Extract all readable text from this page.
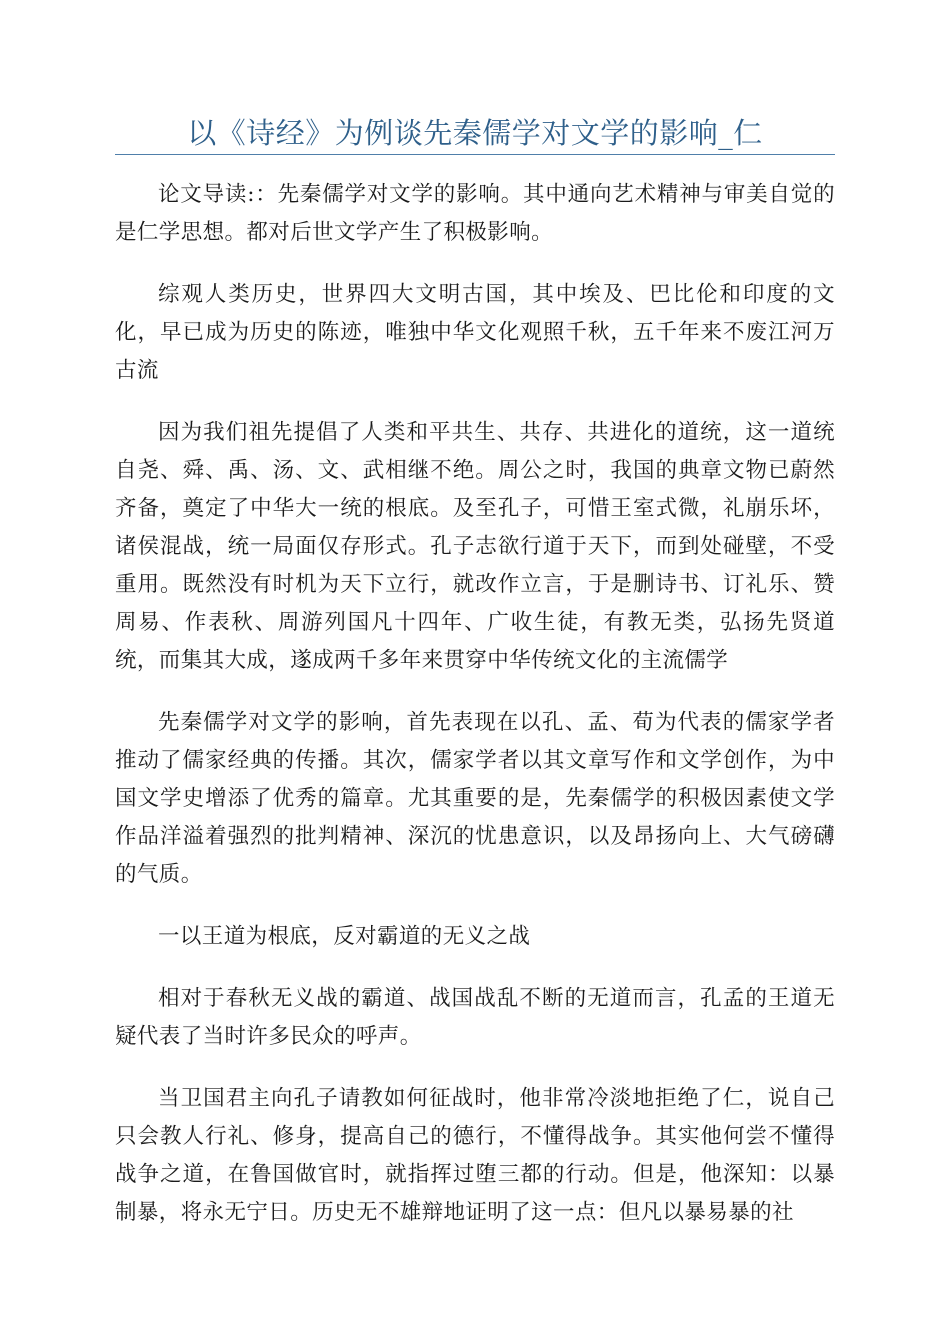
以《诗经》为例谈先秦儒学对文学的影响_仁

论文导读:：先秦儒学对文学的影响。其中通向艺术精神与审美自觉的是仁学思想。都对后世文学产生了积极影响。

综观人类历史，世界四大文明古国，其中埃及、巴比伦和印度的文化，早已成为历史的陈迹，唯独中华文化观照千秋，五千年来不废江河万古流

因为我们祖先提倡了人类和平共生、共存、共进化的道统，这一道统自尧、舜、禹、汤、文、武相继不绝。周公之时，我国的典章文物已蔚然齐备，奠定了中华大一统的根底。及至孔子，可惜王室式微，礼崩乐坏，诸侯混战，统一局面仅存形式。孔子志欲行道于天下，而到处碰壁，不受重用。既然没有时机为天下立行，就改作立言，于是删诗书、订礼乐、赞周易、作表秋、周游列国凡十四年、广收生徒，有教无类，弘扬先贤道统，而集其大成，遂成两千多年来贯穿中华传统文化的主流儒学

先秦儒学对文学的影响，首先表现在以孔、孟、荀为代表的儒家学者推动了儒家经典的传播。其次，儒家学者以其文章写作和文学创作，为中国文学史增添了优秀的篇章。尤其重要的是，先秦儒学的积极因素使文学作品洋溢着强烈的批判精神、深沉的忧患意识，以及昂扬向上、大气磅礴的气质。

一以王道为根底，反对霸道的无义之战

相对于春秋无义战的霸道、战国战乱不断的无道而言，孔孟的王道无疑代表了当时许多民众的呼声。

当卫国君主向孔子请教如何征战时，他非常冷淡地拒绝了仁，说自己只会教人行礼、修身，提高自己的德行，不懂得战争。其实他何尝不懂得战争之道，在鲁国做官时，就指挥过堕三都的行动。但是，他深知：以暴制暴，将永无宁日。历史无不雄辩地证明了这一点：但凡以暴易暴的社
